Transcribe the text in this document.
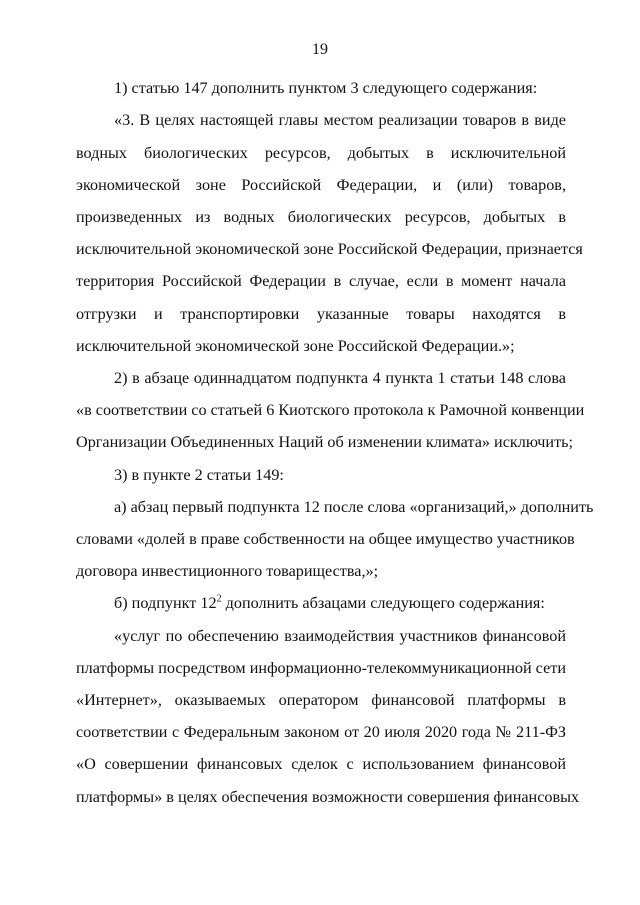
19

1) статью 147 дополнить пунктом 3 следующего содержания:

«3. В целях настоящей главы местом реализации товаров в виде

водных биологических ресурсов, добытых в исключительной

экономической зоне Российской Федерации, и (или) товаров,

произведенных из водных биологических ресурсов, добытых в

исключительной экономической зоне Российской Федерации, признается

территория Российской Федерации в случае, если в момент начала

отгрузки и транспортировки указанные товары находятся в

исключительной экономической зоне Российской Федерации.»;

2) в абзаце одиннадцатом подпункта 4 пункта 1 статьи 148 слова

«в соответствии со статьей 6 Киотского протокола к Рамочной конвенции

Организации Объединенных Наций об изменении климата» исключить;

3) в пункте 2 статьи 149:

а) абзац первый подпункта 12 после слова «организаций,» дополнить

словами «долей в праве собственности на общее имущество участников

договора инвестиционного товарищества,»;

б) подпункт $12^2$ дополнить абзацами следующего содержания:

«услуг по обеспечению взаимодействия участников финансовой

платформы посредством информационно-телекоммуникационной сети

«Интернет», оказываемых оператором финансовой платформы в

соответствии с Федеральным законом от 20 июля 2020 года № 211-ФЗ

«О совершении финансовых сделок с использованием финансовой

платформы» в целях обеспечения возможности совершения финансовых
